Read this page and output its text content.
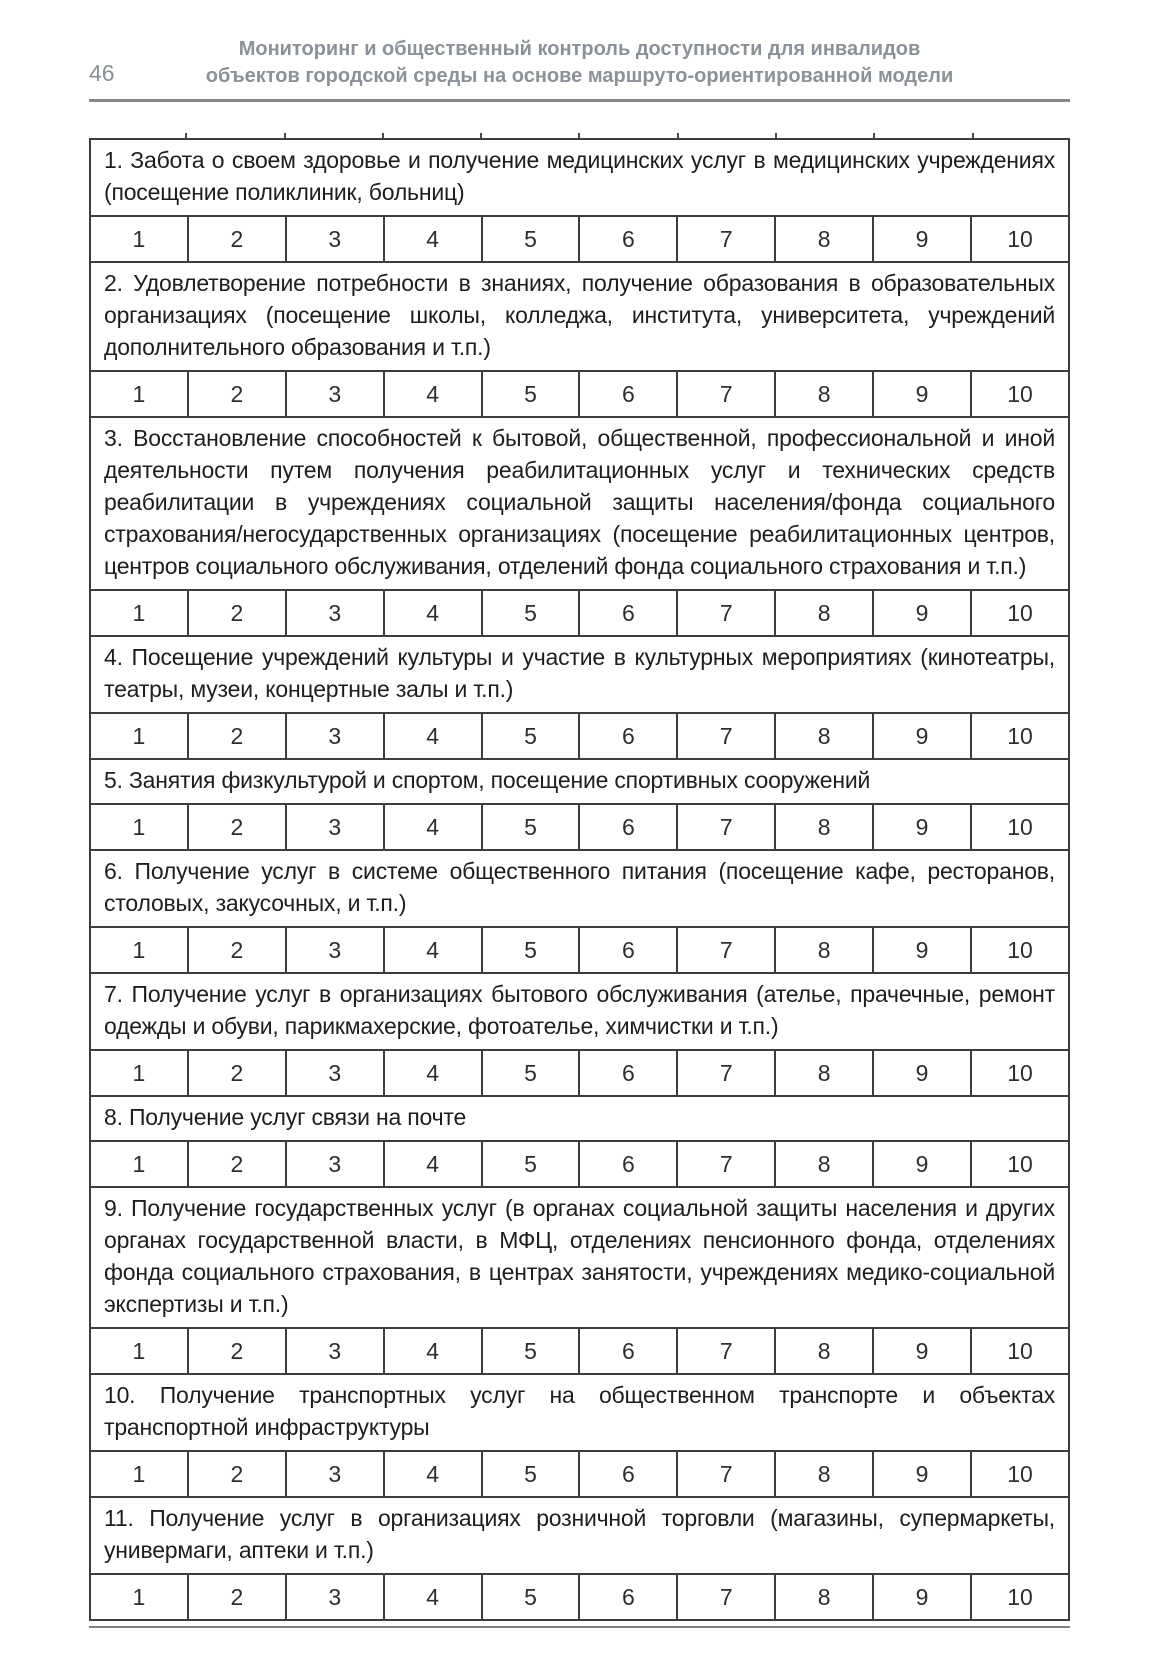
46
Мониторинг и общественный контроль доступности для инвалидов
объектов городской среды на основе маршруто-ориентированной модели
1. Забота о своем здоровье и получение медицинских услуг в медицинских учреждениях (посещение поликлиник, больниц)									
1	2	3	4	5	6	7	8	9	10
2. Удовлетворение потребности в знаниях, получение образования в образовательных организациях (посещение школы, колледжа, института, университета, учреждений дополнительного образования и т.п.)									
1	2	3	4	5	6	7	8	9	10
3. Восстановление способностей к бытовой, общественной, профессиональной и иной деятельности путем получения реабилитационных услуг и технических средств реабилитации в учреждениях социальной защиты населения/фонда социального страхования/негосударственных организациях (посещение реабилитационных центров, центров социального обслуживания, отделений фонда социального страхования и т.п.)									
1	2	3	4	5	6	7	8	9	10
4. Посещение учреждений культуры и участие в культурных мероприятиях (кинотеатры, театры, музеи, концертные залы и т.п.)									
1	2	3	4	5	6	7	8	9	10
5. Занятия физкультурой и спортом, посещение спортивных сооружений									
1	2	3	4	5	6	7	8	9	10
6. Получение услуг в системе общественного питания (посещение кафе, ресторанов, столовых, закусочных, и т.п.)									
1	2	3	4	5	6	7	8	9	10
7. Получение услуг в организациях бытового обслуживания (ателье, прачечные, ремонт одежды и обуви, парикмахерские, фотоателье, химчистки и т.п.)									
1	2	3	4	5	6	7	8	9	10
8. Получение услуг связи на почте									
1	2	3	4	5	6	7	8	9	10
9. Получение государственных услуг (в органах социальной защиты населения и других органах государственной власти, в МФЦ, отделениях пенсионного фонда, отделениях фонда социального страхования, в центрах занятости, учреждениях медико-социальной экспертизы и т.п.)									
1	2	3	4	5	6	7	8	9	10
10. Получение транспортных услуг на общественном транспорте и объектах транспортной инфраструктуры									
1	2	3	4	5	6	7	8	9	10
11. Получение услуг в организациях розничной торговли (магазины, супермаркеты, универмаги, аптеки и т.п.)									
1	2	3	4	5	6	7	8	9	10
